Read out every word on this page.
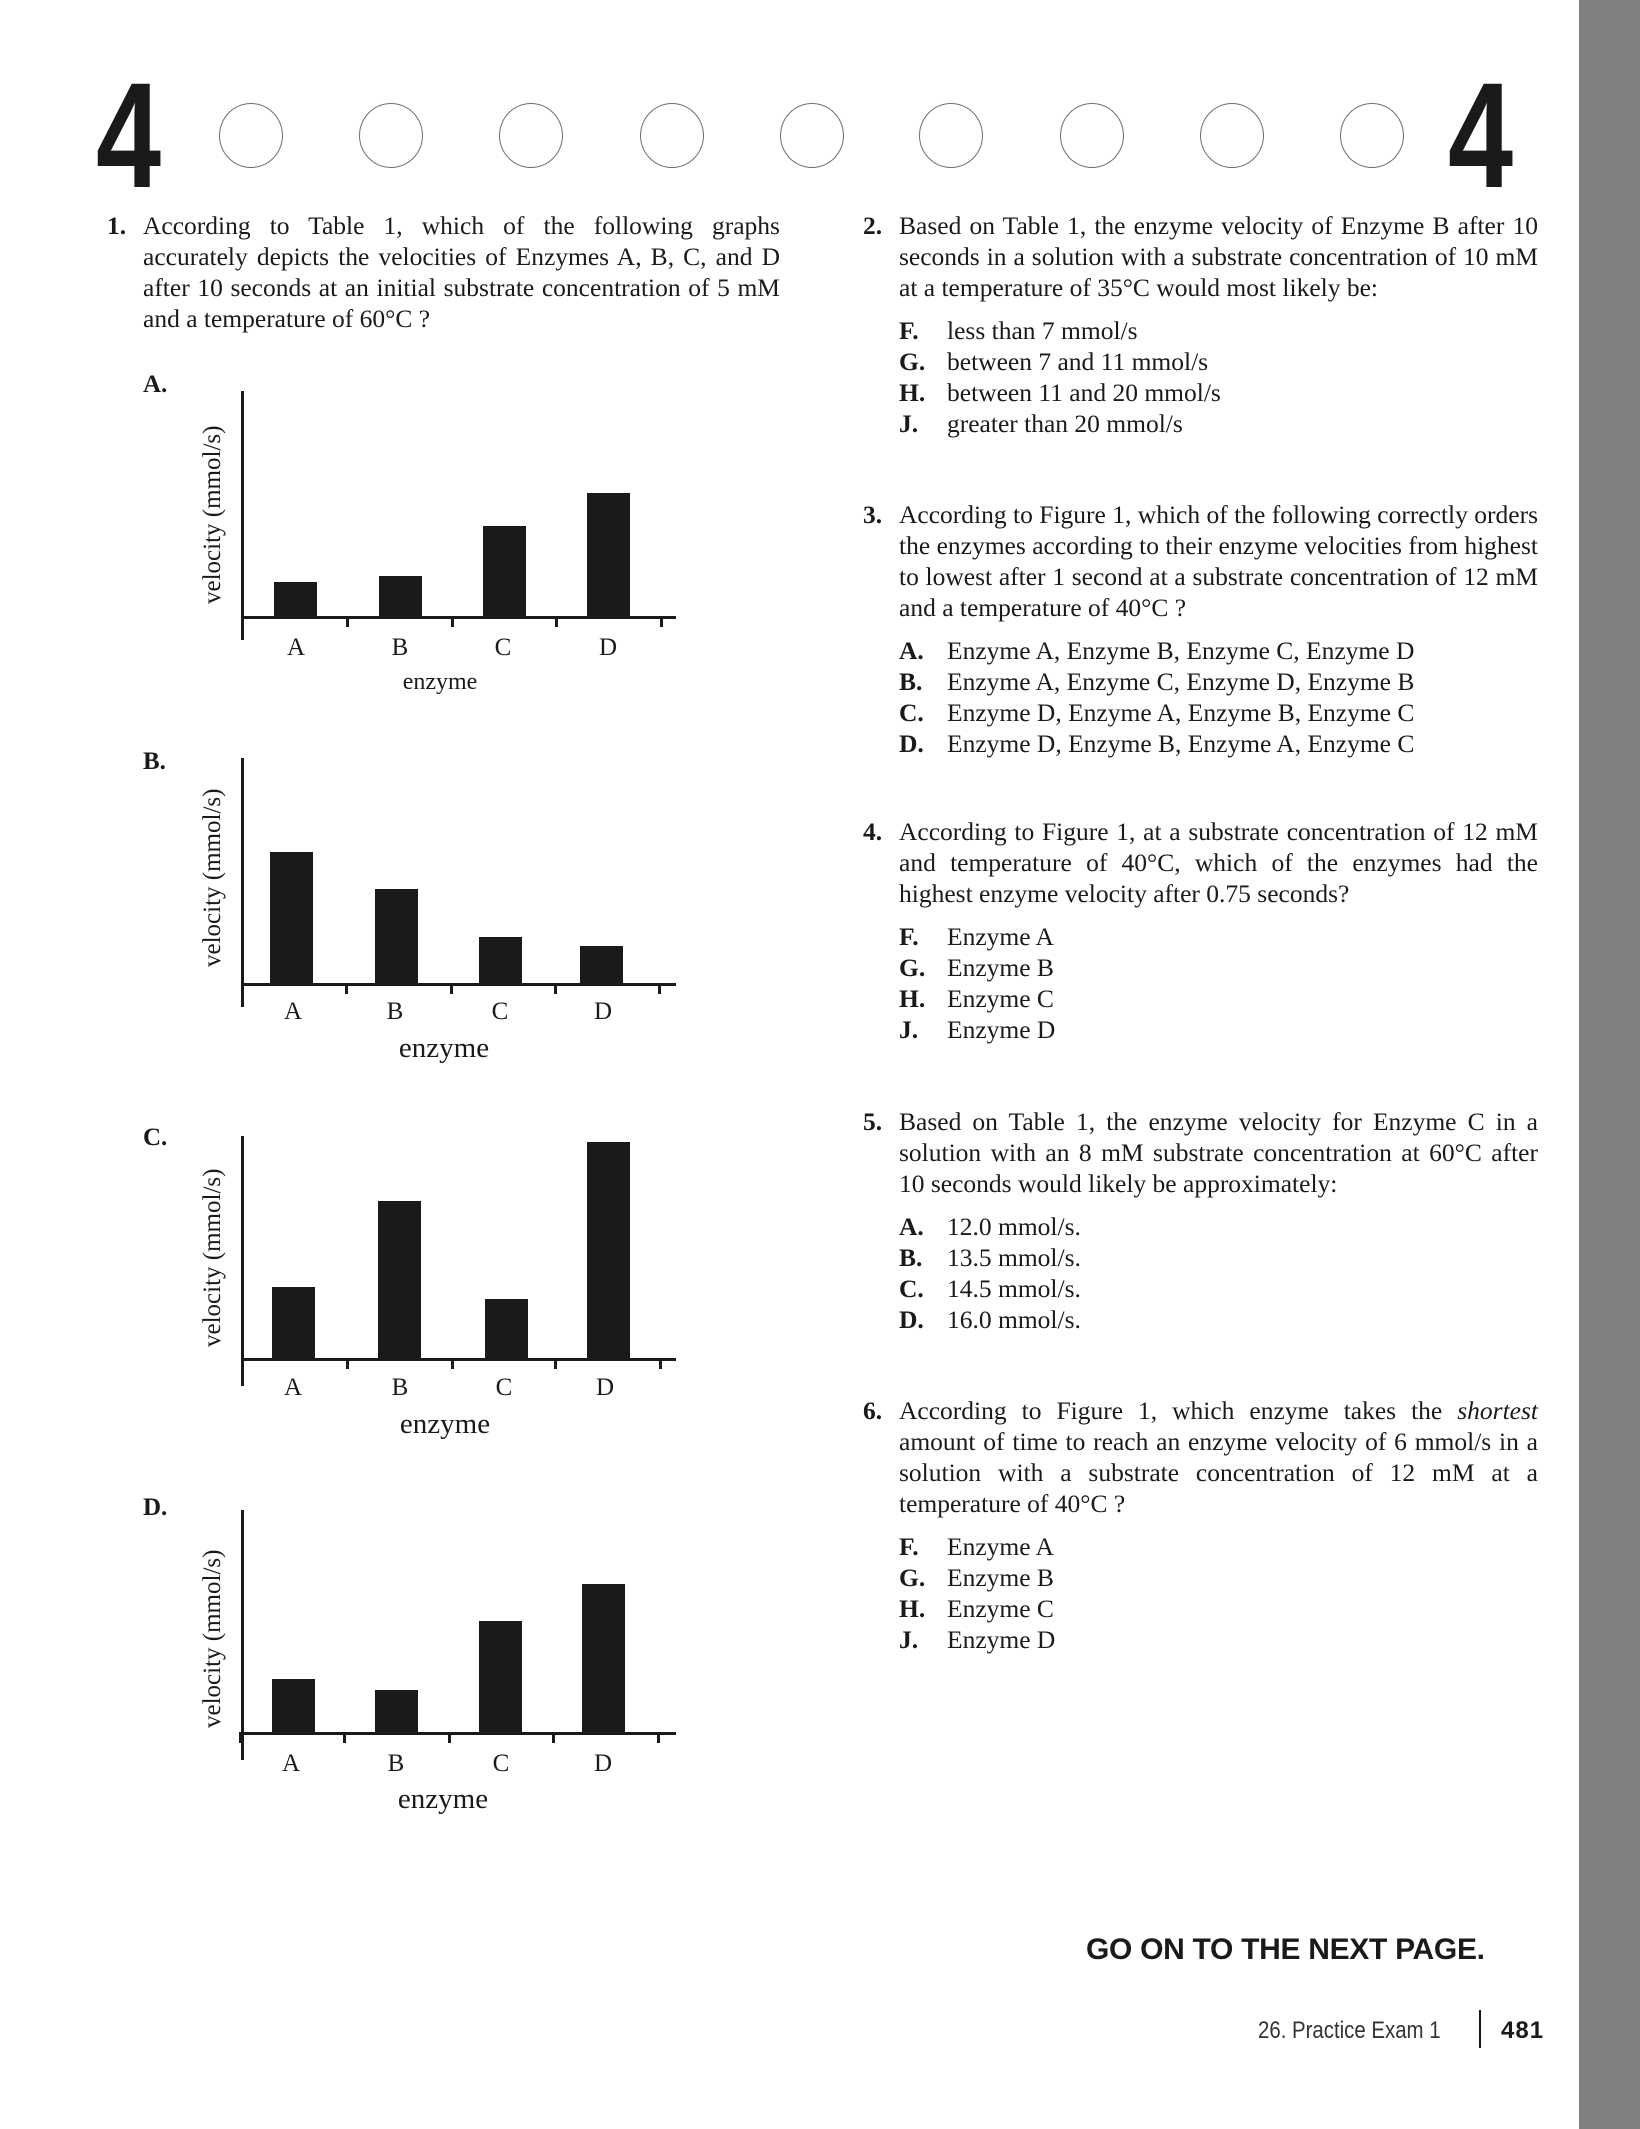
4	4
1. According to Table 1, which of the following graphs accurately depicts the velocities of Enzymes A, B, C, and D after 10 seconds at an initial substrate concentration of 5 mM and a temperature of 60°C ?
A.
velocity (mmol/s)
A	B	C	D
enzyme
B.
velocity (mmol/s)
A	B	C	D
enzyme
C.
velocity (mmol/s)
A	B	C	D
enzyme
D.
velocity (mmol/s)
A	B	C	D
enzyme
2. Based on Table 1, the enzyme velocity of Enzyme B after 10 seconds in a solution with a substrate concentration of 10 mM at a temperature of 35°C would most likely be:
F.	less than 7 mmol/s
G. between 7 and 11 mmol/s
H. between 11 and 20 mmol/s
J.	greater than 20 mmol/s
3. According to Figure 1, which of the following correctly orders the enzymes according to their enzyme velocities from highest to lowest after 1 second at a substrate concentration of 12 mM and a temperature of 40°C ?
A. Enzyme A, Enzyme B, Enzyme C, Enzyme D
B. Enzyme A, Enzyme C, Enzyme D, Enzyme B
C. Enzyme D, Enzyme A, Enzyme B, Enzyme C
D. Enzyme D, Enzyme B, Enzyme A, Enzyme C
4. According to Figure 1, at a substrate concentration of 12 mM and temperature of 40°C, which of the enzymes had the highest enzyme velocity after 0.75 seconds?
F.	Enzyme A
G. Enzyme B
H. Enzyme C
J.	Enzyme D
5. Based on Table 1, the enzyme velocity for Enzyme C in a solution with an 8 mM substrate concentration at 60°C after 10 seconds would likely be approximately:
A. 12.0 mmol/s.
B. 13.5 mmol/s.
C. 14.5 mmol/s.
D. 16.0 mmol/s.
6. According to Figure 1, which enzyme takes the shortest amount of time to reach an enzyme velocity of 6 mmol/s in a solution with a substrate concentration of 12 mM at a temperature of 40°C ?
F.	Enzyme A
G. Enzyme B
H. Enzyme C
J.	Enzyme D
GO ON TO THE NEXT PAGE.
26. Practice Exam 1	481
